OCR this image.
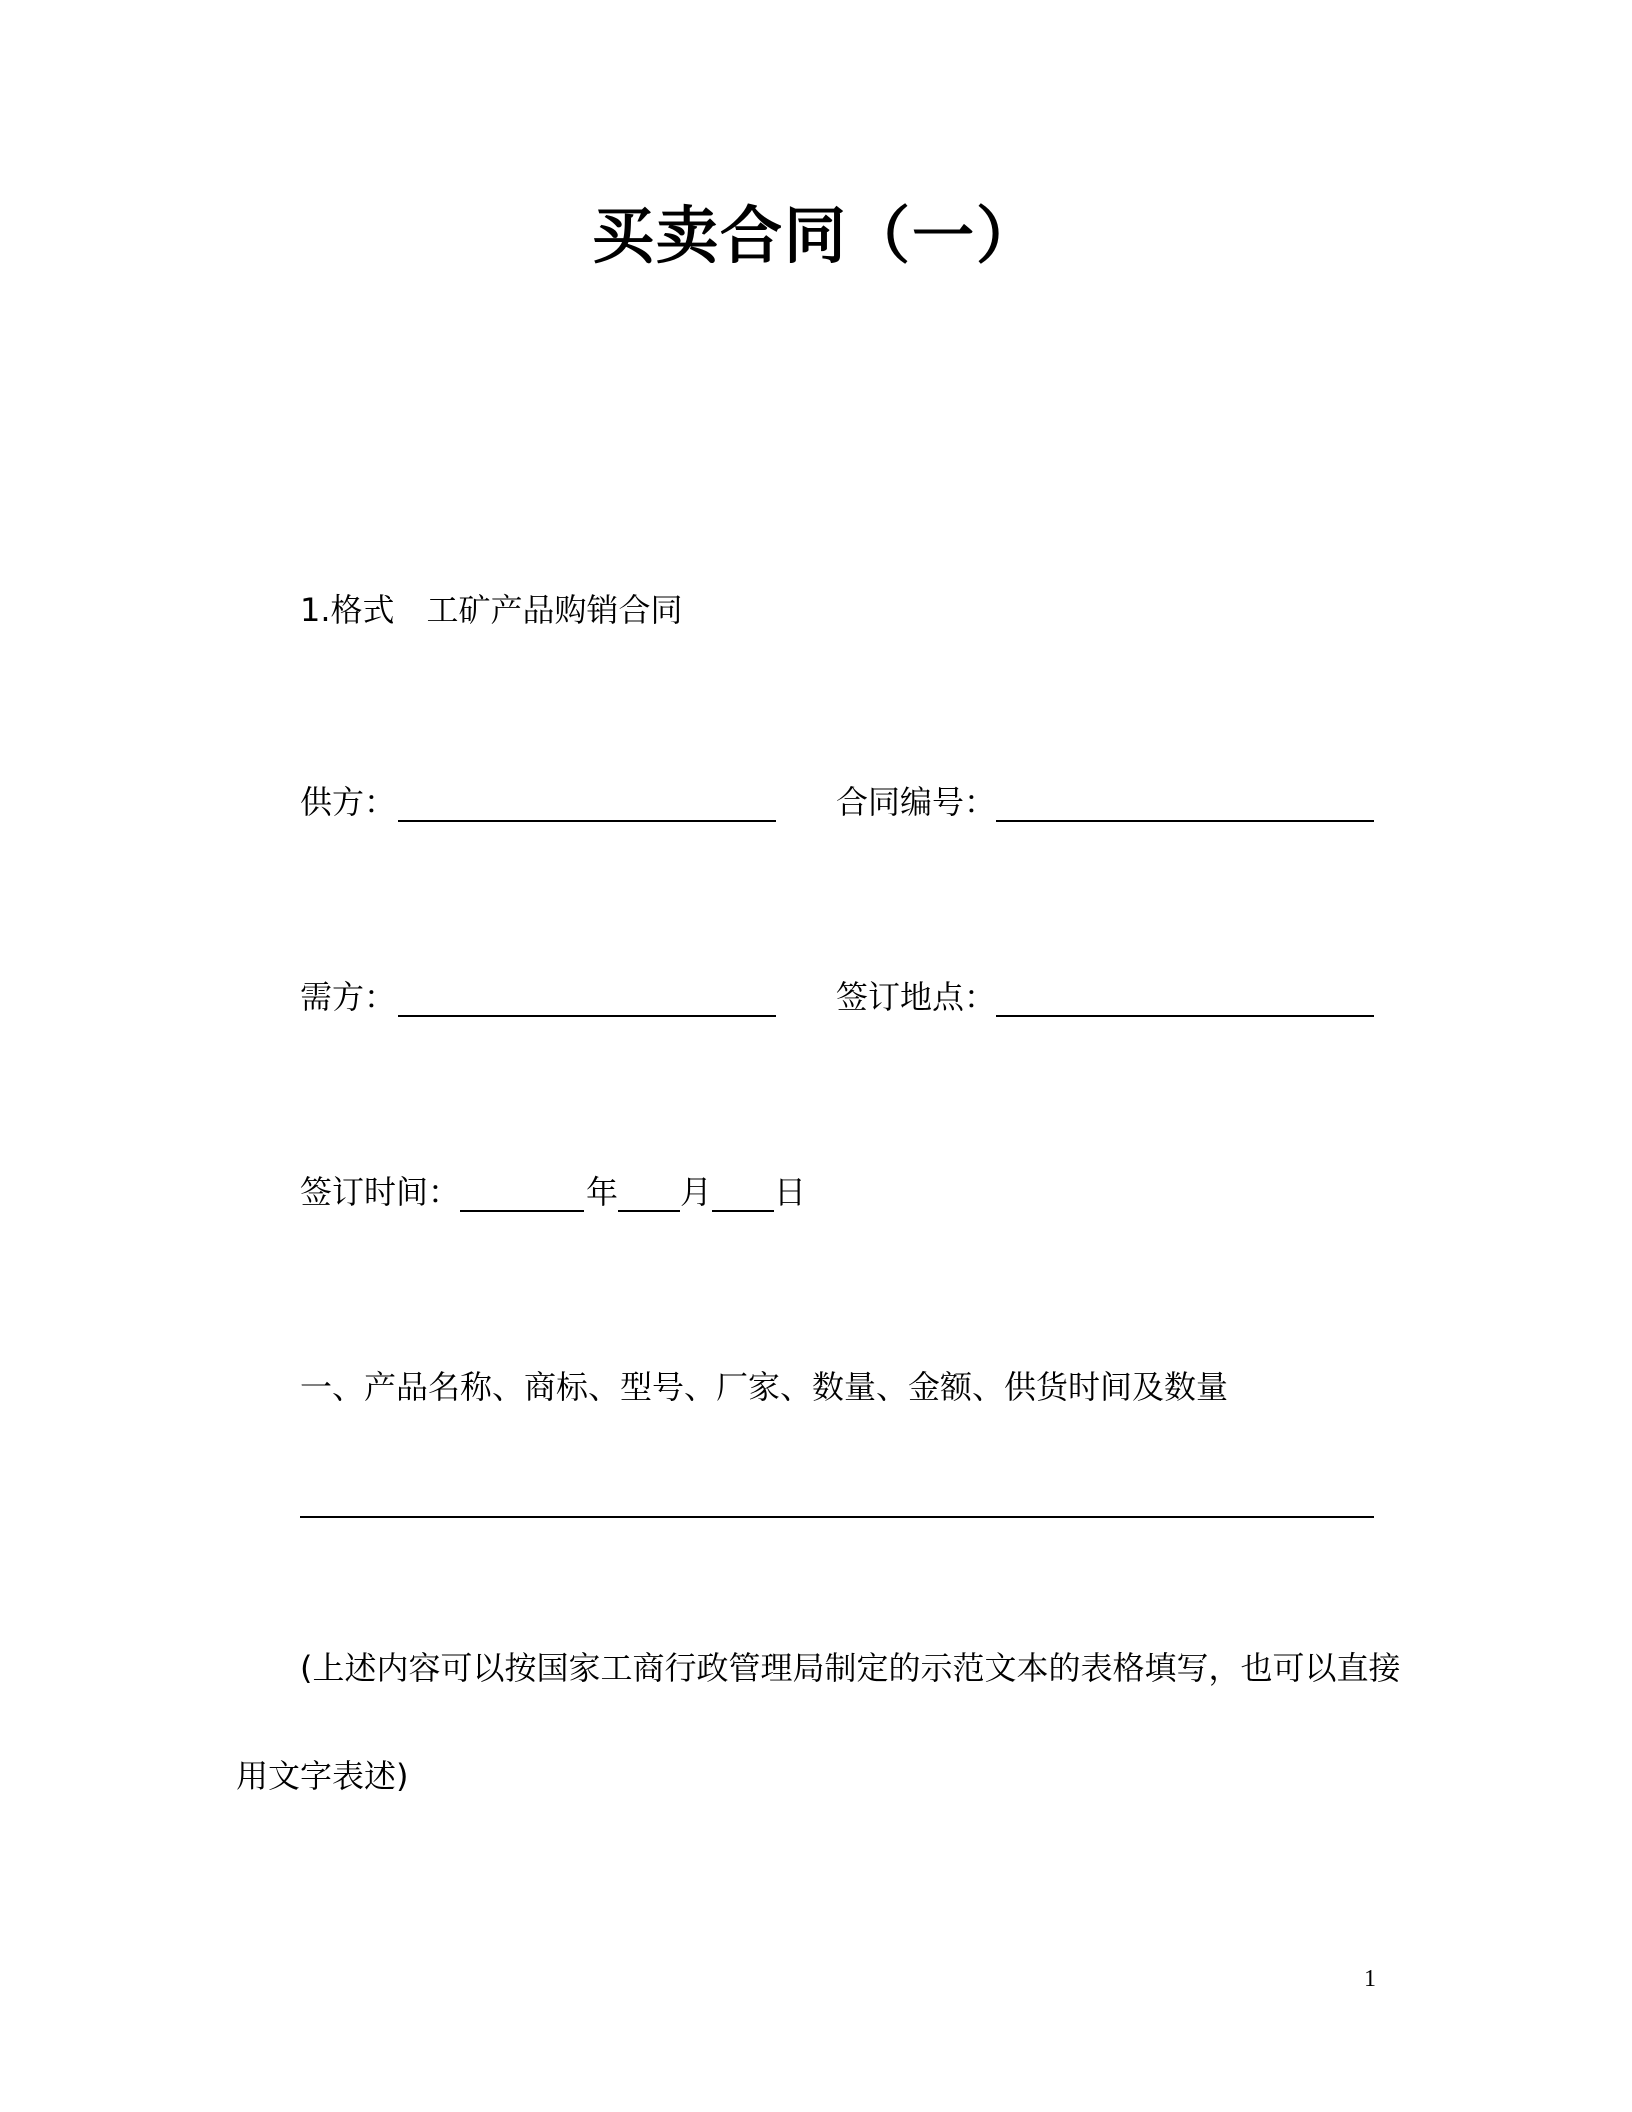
买卖合同（一）
1.格式　工矿产品购销合同
供方：	合同编号：
需方：	签订地点：
签订时间：	年 月 日
一、产品名称、商标、型号、厂家、数量、金额、供货时间及数量
(上述内容可以按国家工商行政管理局制定的示范文本的表格填写，也可以直接
用文字表述)
1
